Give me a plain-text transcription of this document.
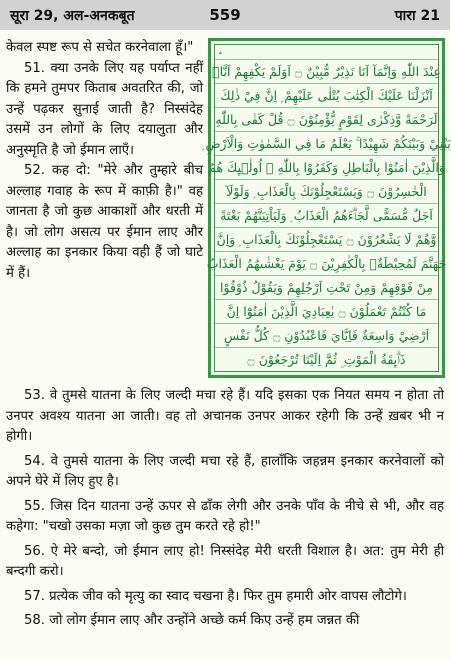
सूरा 29, अल-अनकबूत	559	पारा 21

केवल स्पष्ट रूप से सचेत करनेवाला हूँ।"

51. क्या उनके लिए यह पर्याप्त नहीं कि हमने तुमपर किताब अवतरित की, जो उन्हें पढ़कर सुनाई जाती है? निस्संदेह उसमें उन लोगों के लिए दयालुता और अनुस्मृति है जो ईमान लाएँ।

52. कह दो: "मेरे और तुम्हारे बीच अल्लाह गवाह के रूप में काफ़ी है।" वह जानता है जो कुछ आकाशों और धरती में है। जो लोग असत्य पर ईमान लाए और अल्लाह का इनकार किया वही हैं जो घाटे में हैं।

ﯩ
عِنْدَ اللّٰهِ وَاِنَّمَآ اَنَا نَذِيْرٌ مُّبِيْنٌ ۝ اَوَلَمْ يَكْفِهِمْ اَنَّاۤ
اَنْزَلْنَا عَلَيْكَ الْكِتٰبَ يُتْلٰى عَلَيْهِمْ ۭ اِنَّ فِيْ ذٰلِكَ
لَرَحْمَةً وَّذِكْرٰى لِقَوْمٍ يُّؤْمِنُوْنَ ۝ قُلْ كَفٰى بِاللّٰهِ
بَيْنِيْ وَبَيْنَكُمْ شَهِيْدًا ۚ يَعْلَمُ مَا فِي السَّمٰوٰتِ وَالْاَرْضِ ۭ
وَالَّذِيْنَ اٰمَنُوْا بِالْبَاطِلِ وَكَفَرُوْا بِاللّٰهِ ۙ اُولٰۗىِٕكَ هُمُ
الْخٰسِرُوْنَ ۝ وَيَسْتَعْجِلُوْنَكَ بِالْعَذَابِ ۭ وَلَوْلَآ
اَجَلٌ مُّسَمًّى لَّجَاۗءَهُمُ الْعَذَابُ ۭ وَلَيَاْتِيَنَّهُمْ بَغْتَةً
وَّهُمْ لَا يَشْعُرُوْنَ ۝ يَسْتَعْجِلُوْنَكَ بِالْعَذَابِ ۭ وَاِنَّ
جَهَنَّمَ لَمُحِيْطَةٌۢ بِالْكٰفِرِيْنَ ۝ يَوْمَ يَغْشٰىهُمُ الْعَذَابُ
مِنْ فَوْقِهِمْ وَمِنْ تَحْتِ اَرْجُلِهِمْ وَيَقُوْلُ ذُوْقُوْا
مَا كُنْتُمْ تَعْمَلُوْنَ ۝ يٰعِبَادِيَ الَّذِيْنَ اٰمَنُوْٓا اِنَّ
اَرْضِيْ وَاسِعَةٌ فَاِيَّايَ فَاعْبُدُوْنِ ۝ كُلُّ نَفْسٍ
ذَاۗىِٕقَةُ الْمَوْتِ ۣ ثُمَّ اِلَيْنَا تُرْجَعُوْنَ ۝

53. वे तुमसे यातना के लिए जल्दी मचा रहे हैं। यदि इसका एक नियत समय न होता तो उनपर अवश्य यातना आ जाती। वह तो अचानक उनपर आकर रहेगी कि उन्हें ख़बर भी न होगी।

54. वे तुमसे यातना के लिए जल्दी मचा रहे हैं, हालाँकि जहन्नम इनकार करनेवालों को अपने घेरे में लिए हुए है।

55. जिस दिन यातना उन्हें ऊपर से ढाँक लेगी और उनके पाँव के नीचे से भी, और वह कहेगा: "चखो उसका मज़ा जो कुछ तुम करते रहे हो!"

56. ऐ मेरे बन्दो, जो ईमान लाए हो! निस्संदेह मेरी धरती विशाल है। अत: तुम मेरी ही बन्दगी करो।

57. प्रत्येक जीव को मृत्यु का स्वाद चखना है। फिर तुम हमारी ओर वापस लौटोगे।

58. जो लोग ईमान लाए और उन्होंने अच्छे कर्म किए उन्हें हम जन्नत की
